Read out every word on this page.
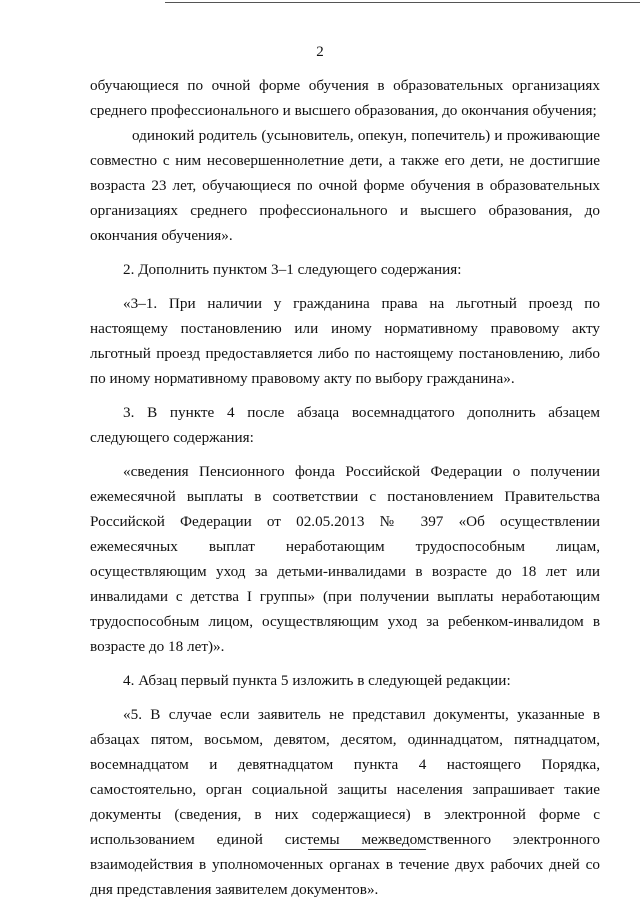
2

обучающиеся по очной форме обучения в образовательных организациях среднего профессионального и высшего образования, до окончания обучения;

одинокий родитель (усыновитель, опекун, попечитель) и проживающие совместно с ним несовершеннолетние дети, а также его дети, не достигшие возраста 23 лет, обучающиеся по очной форме обучения в образовательных организациях среднего профессионального и высшего образования, до окончания обучения».

2. Дополнить пунктом 3–1 следующего содержания:

«3–1. При наличии у гражданина права на льготный проезд по настоящему постановлению или иному нормативному правовому акту льготный проезд предоставляется либо по настоящему постановлению, либо по иному нормативному правовому акту по выбору гражданина».

3. В пункте 4 после абзаца восемнадцатого дополнить абзацем следующего содержания:

«сведения Пенсионного фонда Российской Федерации о получении ежемесячной выплаты в соответствии с постановлением Правительства Российской Федерации от 02.05.2013 № 397 «Об осуществлении ежемесячных выплат неработающим трудоспособным лицам, осуществляющим уход за детьми-инвалидами в возрасте до 18 лет или инвалидами с детства I группы» (при получении выплаты неработающим трудоспособным лицом, осуществляющим уход за ребенком-инвалидом в возрасте до 18 лет)».

4. Абзац первый пункта 5 изложить в следующей редакции:

«5. В случае если заявитель не представил документы, указанные в абзацах пятом, восьмом, девятом, десятом, одиннадцатом, пятнадцатом, восемнадцатом и девятнадцатом пункта 4 настоящего Порядка, самостоятельно, орган социальной защиты населения запрашивает такие документы (сведения, в них содержащиеся) в электронной форме с использованием единой системы межведомственного электронного взаимодействия в уполномоченных органах в течение двух рабочих дней со дня представления заявителем документов».
